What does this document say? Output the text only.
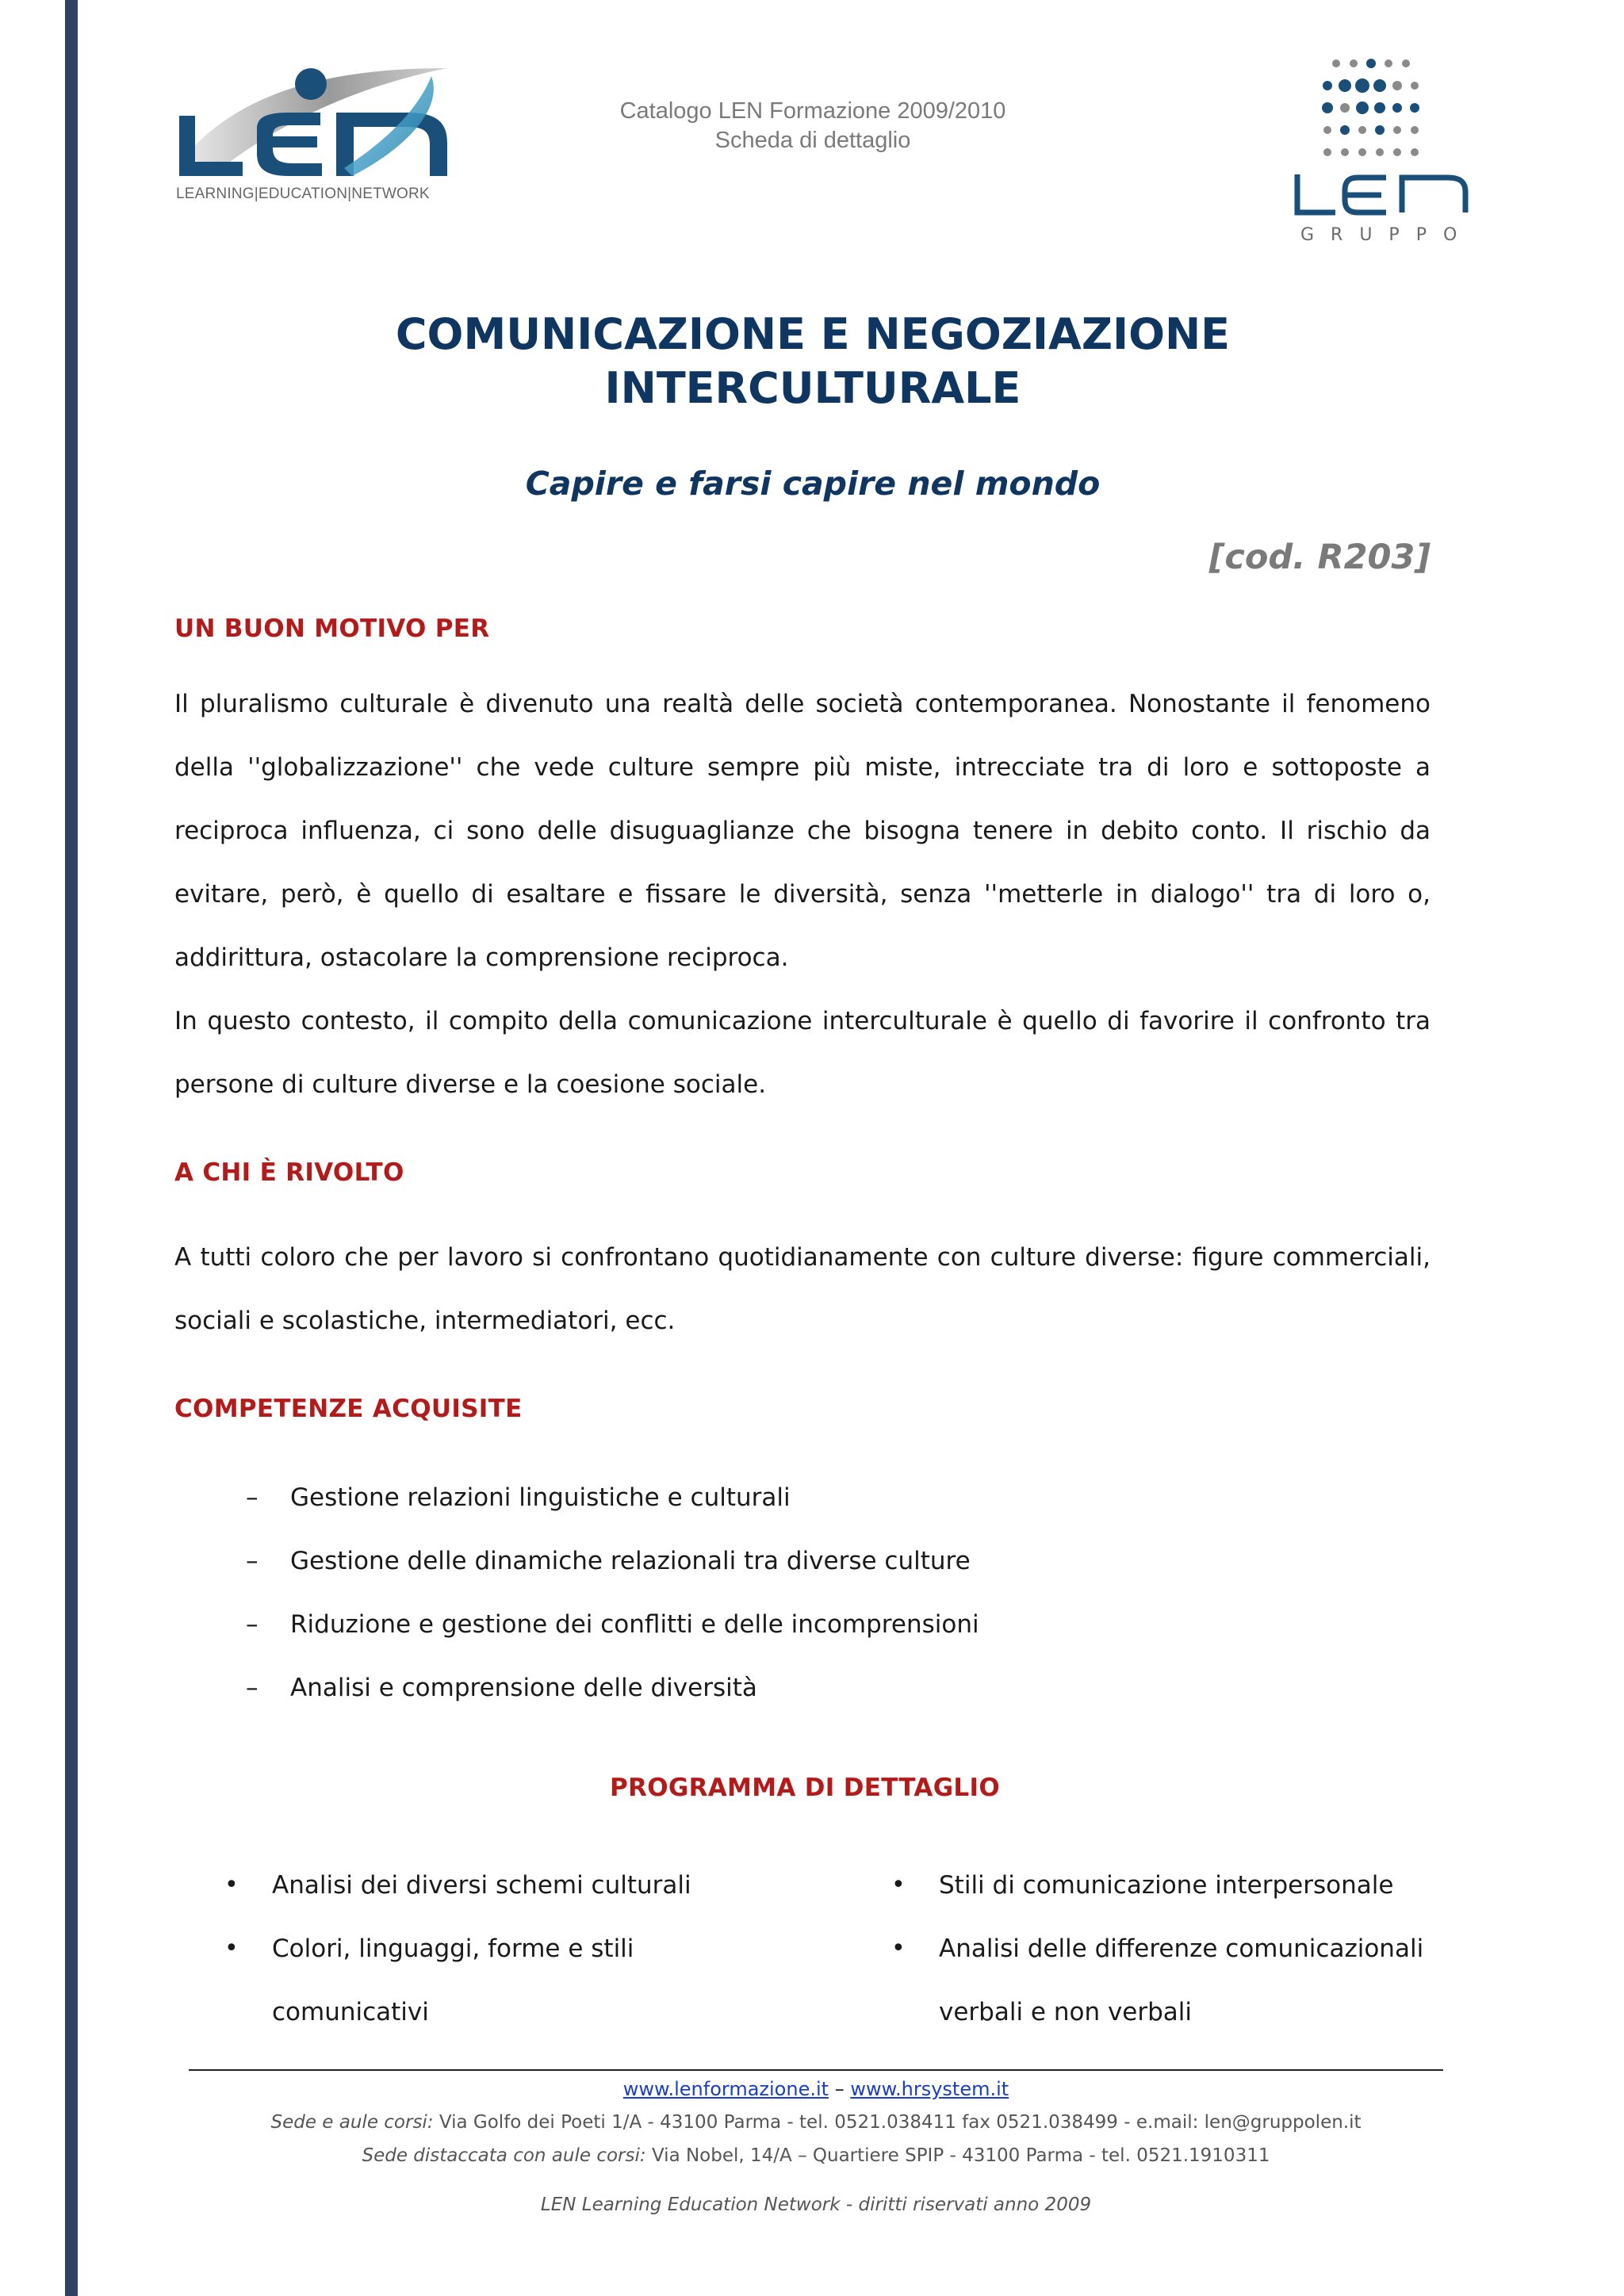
LEARNING|EDUCATION|NETWORK
Catalogo LEN Formazione 2009/2010
Scheda di dettaglio
GRUPPO
COMUNICAZIONE E NEGOZIAZIONE
INTERCULTURALE
Capire e farsi capire nel mondo
[cod. R203]
UN BUON MOTIVO PER

Il pluralismo culturale è divenuto una realtà delle società contemporanea. Nonostante il fenomeno della ''globalizzazione'' che vede culture sempre più miste, intrecciate tra di loro e sottoposte a reciproca influenza, ci sono delle disuguaglianze che bisogna tenere in debito conto. Il rischio da evitare, però, è quello di esaltare e fissare le diversità, senza ''metterle in dialogo'' tra di loro o, addirittura, ostacolare la comprensione reciproca.

In questo contesto, il compito della comunicazione interculturale è quello di favorire il confronto tra persone di culture diverse e la coesione sociale.

A CHI È RIVOLTO

A tutti coloro che per lavoro si confrontano quotidianamente con culture diverse: figure commerciali, sociali e scolastiche, intermediatori, ecc.

COMPETENZE ACQUISITE
– Gestione relazioni linguistiche e culturali
– Gestione delle dinamiche relazionali tra diverse culture
– Riduzione e gestione dei conflitti e delle incomprensioni
– Analisi e comprensione delle diversità
PROGRAMMA DI DETTAGLIO
• Analisi dei diversi schemi culturali
• Colori, linguaggi, forme e stili comunicativi
• Stili di comunicazione interpersonale
• Analisi delle differenze comunicazionali verbali e non verbali
www.lenformazione.it – www.hrsystem.it
Sede e aule corsi: Via Golfo dei Poeti 1/A - 43100 Parma - tel. 0521.038411 fax 0521.038499 - e.mail: len@gruppolen.it
Sede distaccata con aule corsi: Via Nobel, 14/A – Quartiere SPIP - 43100 Parma - tel. 0521.1910311
LEN Learning Education Network - diritti riservati anno 2009
